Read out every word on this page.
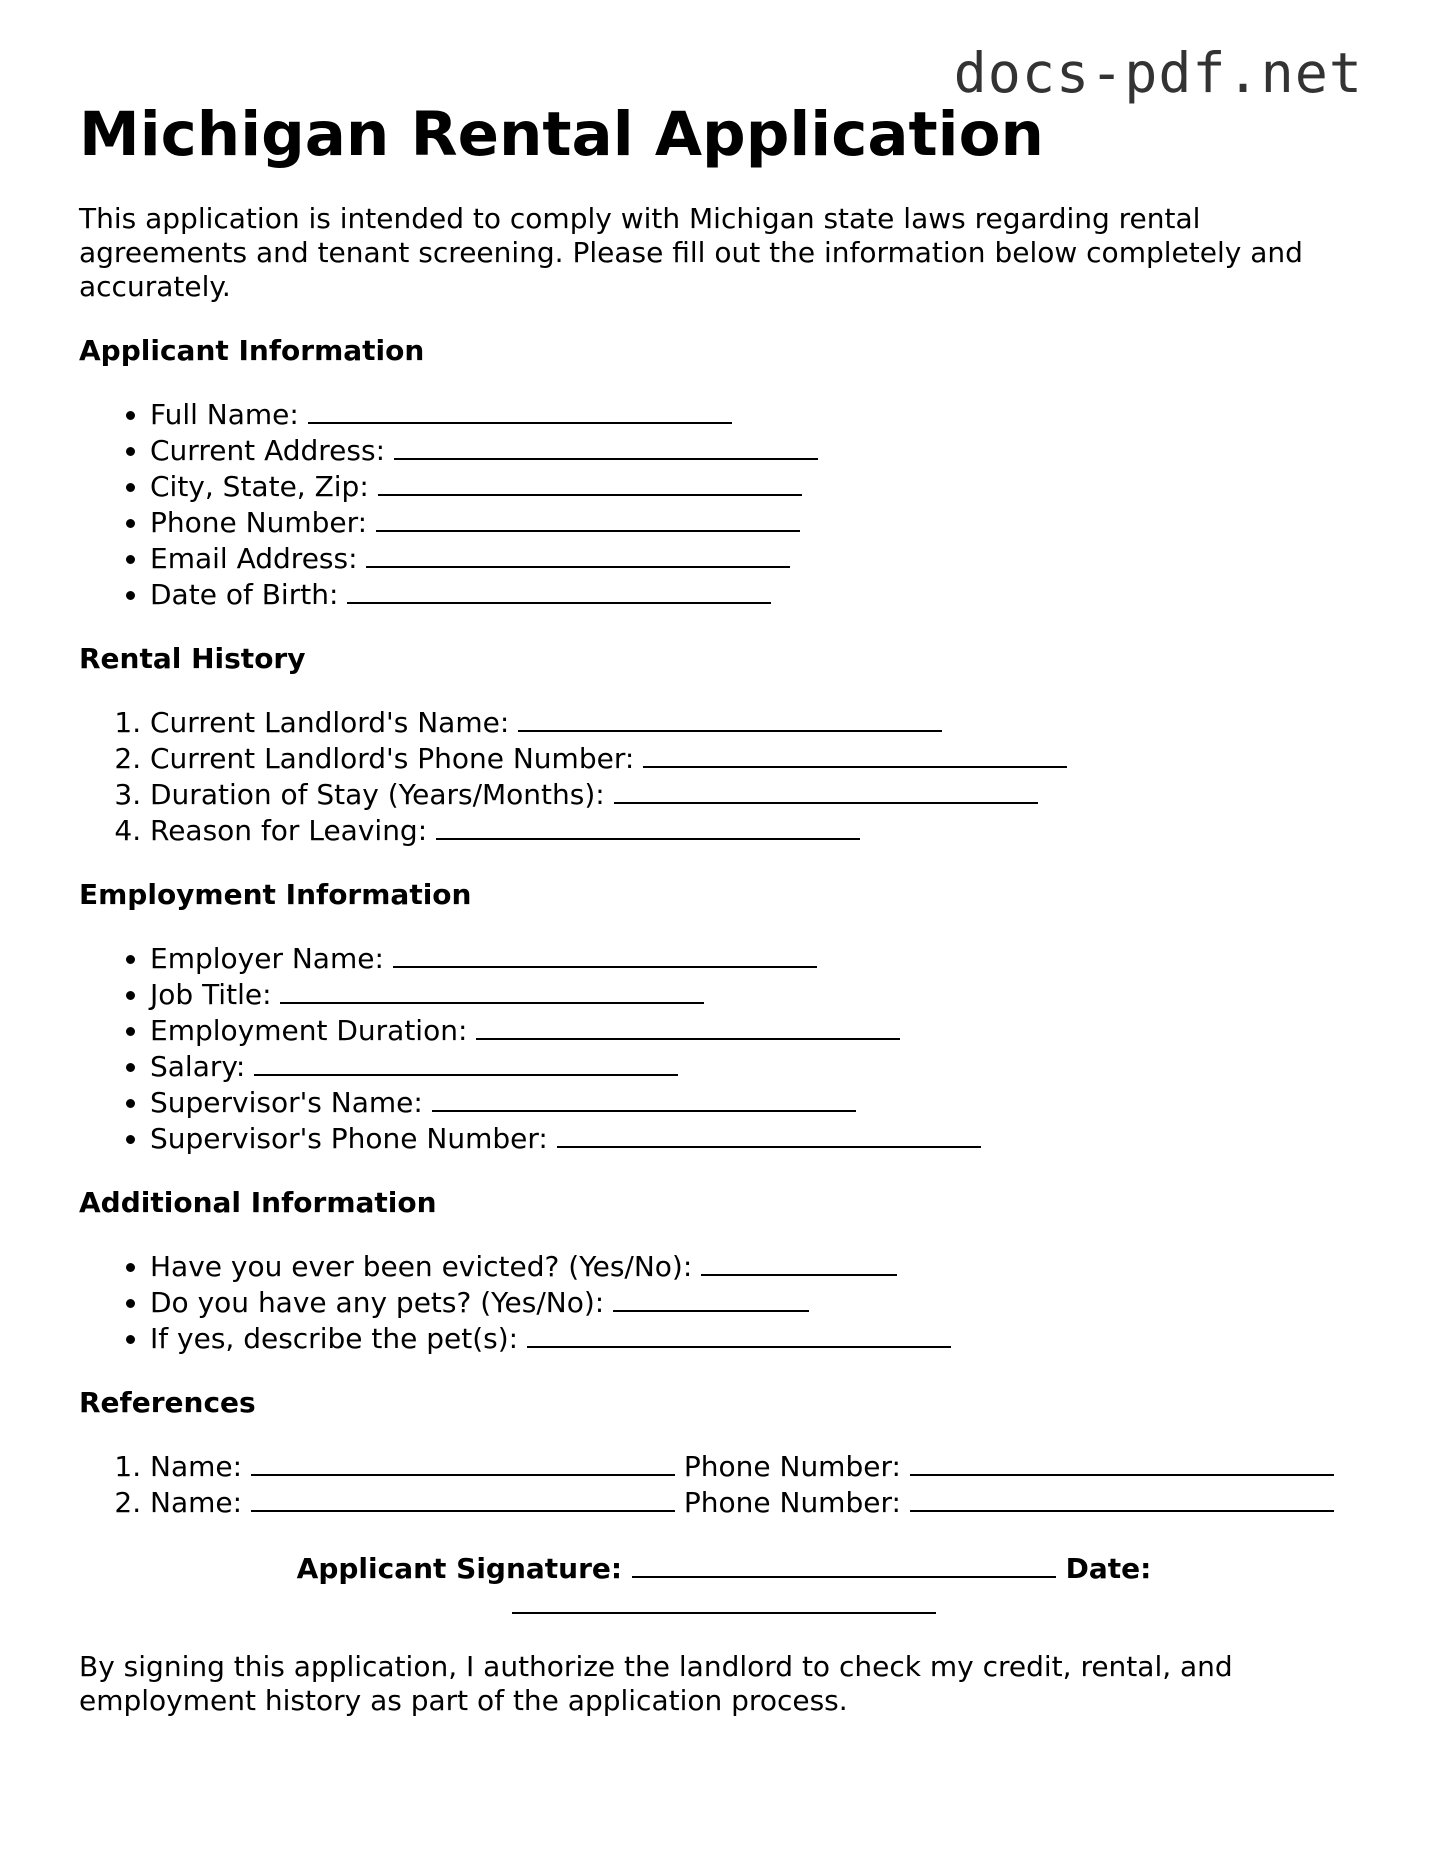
docs-pdf.net
Michigan Rental Application

This application is intended to comply with Michigan state laws regarding rental agreements and tenant screening. Please fill out the information below completely and accurately.

Applicant Information
• Full Name:
• Current Address:
• City, State, Zip:
• Phone Number:
• Email Address:
• Date of Birth:
Rental History
1. Current Landlord's Name:
2. Current Landlord's Phone Number:
3. Duration of Stay (Years/Months):
4. Reason for Leaving:
Employment Information
• Employer Name:
• Job Title:
• Employment Duration:
• Salary:
• Supervisor's Name:
• Supervisor's Phone Number:
Additional Information
• Have you ever been evicted? (Yes/No):
• Do you have any pets? (Yes/No):
• If yes, describe the pet(s):
References
1. Name:	Phone Number:
2. Name:	Phone Number:
Applicant Signature:	Date:

By signing this application, I authorize the landlord to check my credit, rental, and employment history as part of the application process.
